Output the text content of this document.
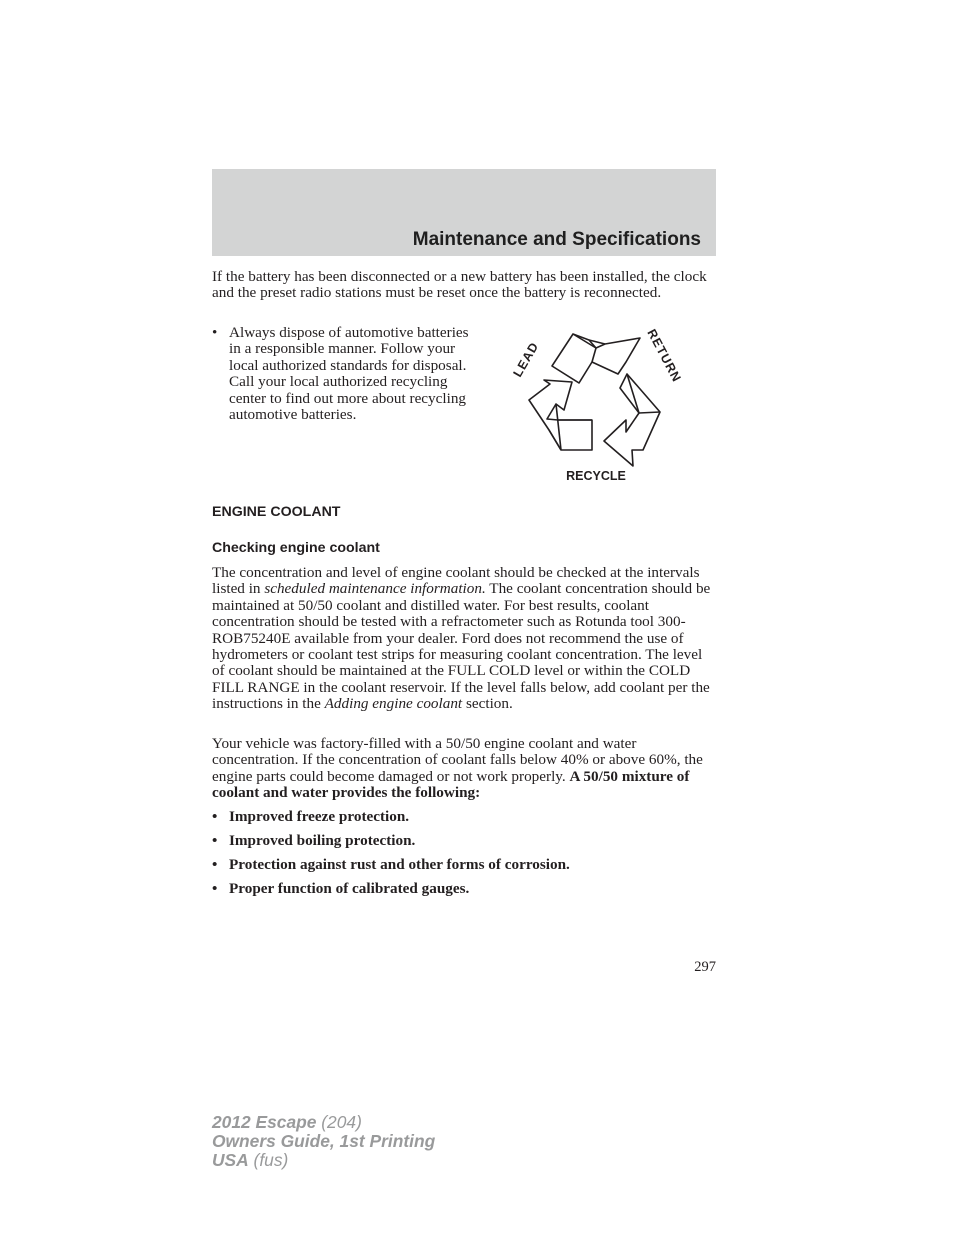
Maintenance and Specifications

If the battery has been disconnected or a new battery has been installed, the clock and the preset radio stations must be reset once the battery is reconnected.

• Always dispose of automotive batteries in a responsible manner. Follow your local authorized standards for disposal. Call your local authorized recycling center to find out more about recycling automotive batteries.
LEAD	RETURN
RECYCLE
ENGINE COOLANT
Checking engine coolant

The concentration and level of engine coolant should be checked at the intervals listed in scheduled maintenance information. The coolant concentration should be maintained at 50/50 coolant and distilled water. For best results, coolant concentration should be tested with a refractometer such as Rotunda tool 300-ROB75240E available from your dealer. Ford does not recommend the use of hydrometers or coolant test strips for measuring coolant concentration. The level of coolant should be maintained at the FULL COLD level or within the COLD FILL RANGE in the coolant reservoir. If the level falls below, add coolant per the instructions in the Adding engine coolant section.

Your vehicle was factory-filled with a 50/50 engine coolant and water concentration. If the concentration of coolant falls below 40% or above 60%, the engine parts could become damaged or not work properly. A 50/50 mixture of coolant and water provides the following:

• Improved freeze protection.
• Improved boiling protection.
• Protection against rust and other forms of corrosion.
• Proper function of calibrated gauges.
297
2012 Escape (204)
Owners Guide, 1st Printing
USA (fus)
